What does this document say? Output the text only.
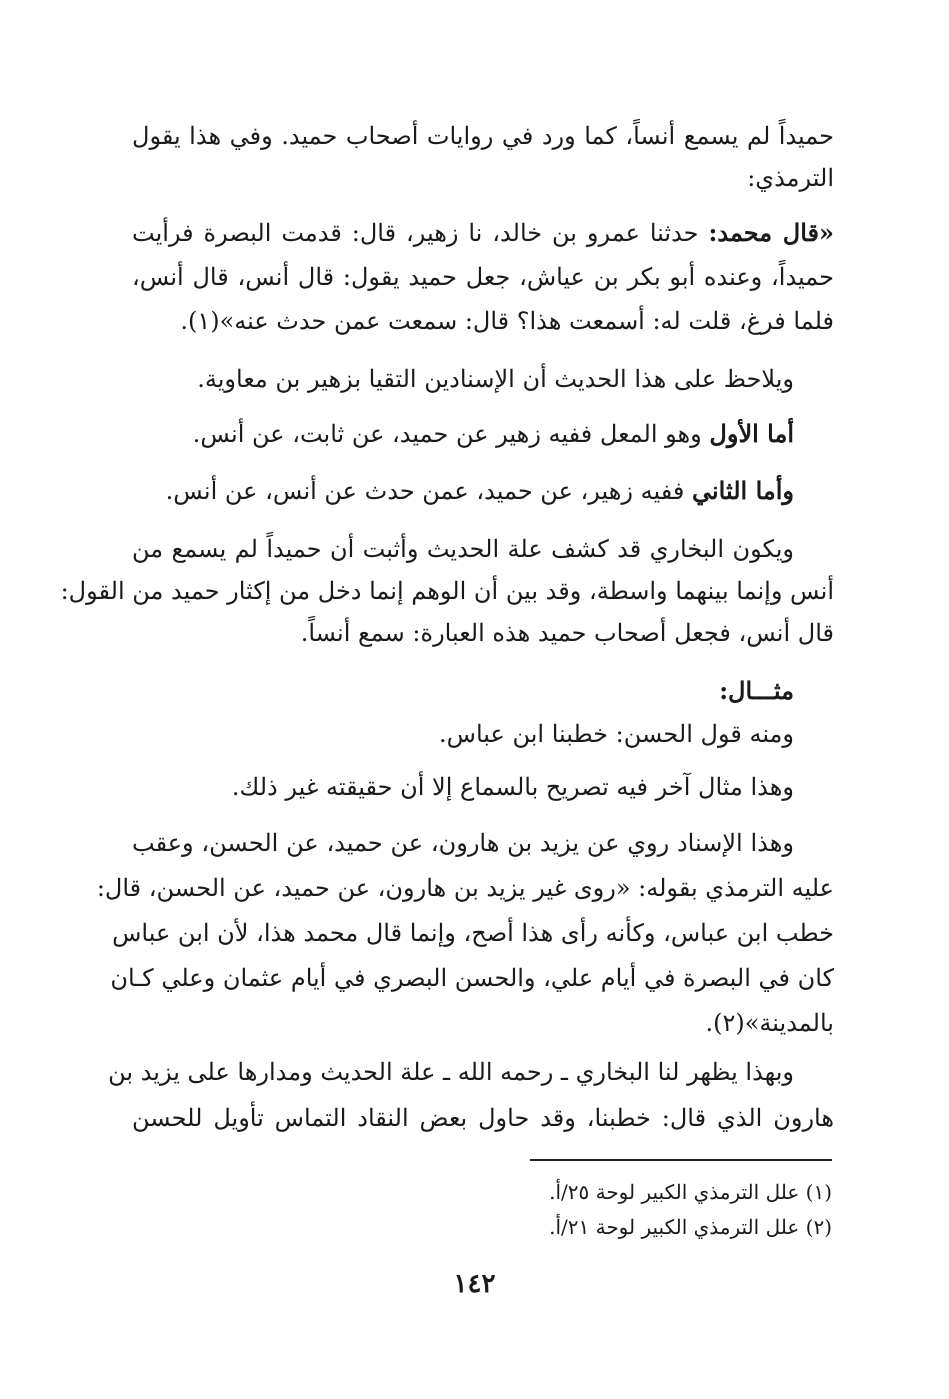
حميداً لم يسمع أنساً، كما ورد في روايات أصحاب حميد. وفي هذا يقول
الترمذي:
«قال محمد: حدثنا عمرو بن خالد، نا زهير، قال: قدمت البصرة فرأيت
حميداً، وعنده أبو بكر بن عياش، جعل حميد يقول: قال أنس، قال أنس،
فلما فرغ، قلت له: أسمعت هذا؟ قال: سمعت عمن حدث عنه»(١).
ويلاحظ على هذا الحديث أن الإسنادين التقيا بزهير بن معاوية.
أما الأول وهو المعل ففيه زهير عن حميد، عن ثابت، عن أنس.
وأما الثاني ففيه زهير، عن حميد، عمن حدث عن أنس، عن أنس.
ويكون البخاري قد كشف علة الحديث وأثبت أن حميداً لم يسمع من
أنس وإنما بينهما واسطة، وقد بين أن الوهم إنما دخل من إكثار حميد من القول:
قال أنس، فجعل أصحاب حميد هذه العبارة: سمع أنساً.
مثـــال:
ومنه قول الحسن: خطبنا ابن عباس.
وهذا مثال آخر فيه تصريح بالسماع إلا أن حقيقته غير ذلك.
وهذا الإسناد روي عن يزيد بن هارون، عن حميد، عن الحسن، وعقب
عليه الترمذي بقوله: «روى غير يزيد بن هارون، عن حميد، عن الحسن، قال:
خطب ابن عباس، وكأنه رأى هذا أصح، وإنما قال محمد هذا، لأن ابن عباس
كان في البصرة في أيام علي، والحسن البصري في أيام عثمان وعلي كـان
بالمدينة»(٢).
وبهذا يظهر لنا البخاري ـ رحمه الله ـ علة الحديث ومدارها على يزيد بن
هارون الذي قال: خطبنا، وقد حاول بعض النقاد التماس تأويل للحسن
(١) علل الترمذي الكبير لوحة ٢٥/أ.
(٢) علل الترمذي الكبير لوحة ٢١/أ.
١٤٢
